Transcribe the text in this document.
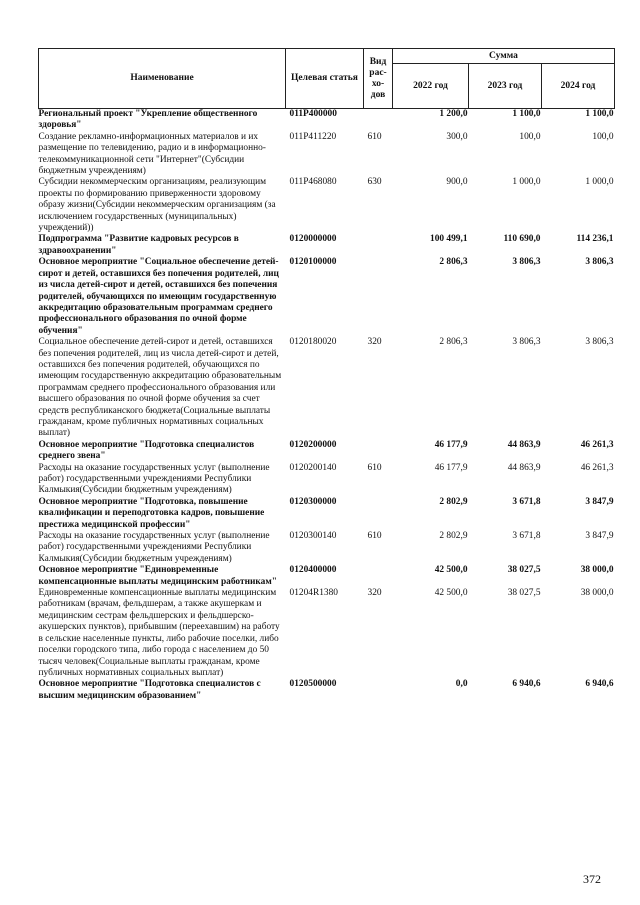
Наименование	Целевая статья	Вид рас-хо-дов	Сумма		
			2022 год	2023 год	2024 год
Региональный проект "Укрепление общественного здоровья"	011P400000		1 200,0	1 100,0	1 100,0
Создание рекламно-информационных материалов и их размещение по телевидению, радио и в информационно-телекоммуникационной сети "Интернет"(Субсидии бюджетным учреждениям)	011P411220	610	300,0	100,0	100,0
Субсидии некоммерческим организациям, реализующим проекты по формированию приверженности здоровому образу жизни(Субсидии некоммерческим организациям (за исключением государственных (муниципальных) учреждений))	011P468080	630	900,0	1 000,0	1 000,0
Подпрограмма "Развитие кадровых ресурсов в здравоохранении"	0120000000		100 499,1	110 690,0	114 236,1
Основное мероприятие "Социальное обеспечение детей-сирот и детей, оставшихся без попечения родителей, лиц из числа детей-сирот и детей, оставшихся без попечения родителей, обучающихся по имеющим государственную аккредитацию образовательным программам среднего профессионального образования по очной форме обучения"	0120100000		2 806,3	3 806,3	3 806,3
Социальное обеспечение детей-сирот и детей, оставшихся без попечения родителей, лиц из числа детей-сирот и детей, оставшихся без попечения родителей, обучающихся по имеющим государственную аккредитацию образовательным программам среднего профессионального образования или высшего образования по очной форме обучения за счет средств республиканского бюджета(Социальные выплаты гражданам, кроме публичных нормативных социальных выплат)	0120180020	320	2 806,3	3 806,3	3 806,3
Основное мероприятие "Подготовка специалистов среднего звена"	0120200000		46 177,9	44 863,9	46 261,3
Расходы на оказание государственных услуг (выполнение работ) государственными учреждениями Республики Калмыкия(Субсидии бюджетным учреждениям)	0120200140	610	46 177,9	44 863,9	46 261,3
Основное мероприятие "Подготовка, повышение квалификации и переподготовка кадров, повышение престижа медицинской профессии"	0120300000		2 802,9	3 671,8	3 847,9
Расходы на оказание государственных услуг (выполнение работ) государственными учреждениями Республики Калмыкия(Субсидии бюджетным учреждениям)	0120300140	610	2 802,9	3 671,8	3 847,9
Основное мероприятие "Единовременные компенсационные выплаты медицинским работникам"	0120400000		42 500,0	38 027,5	38 000,0
Единовременные компенсационные выплаты медицинским работникам (врачам, фельдшерам, а также акушеркам и медицинским сестрам фельдшерских и фельдшерско-акушерских пунктов), прибывшим (переехавшим) на работу в сельские населенные пункты, либо рабочие поселки, либо поселки городского типа, либо города с населением до 50 тысяч человек(Социальные выплаты гражданам, кроме публичных нормативных социальных выплат)	01204R1380	320	42 500,0	38 027,5	38 000,0
Основное мероприятие "Подготовка специалистов с высшим медицинским образованием"	0120500000		0,0	6 940,6	6 940,6
372
